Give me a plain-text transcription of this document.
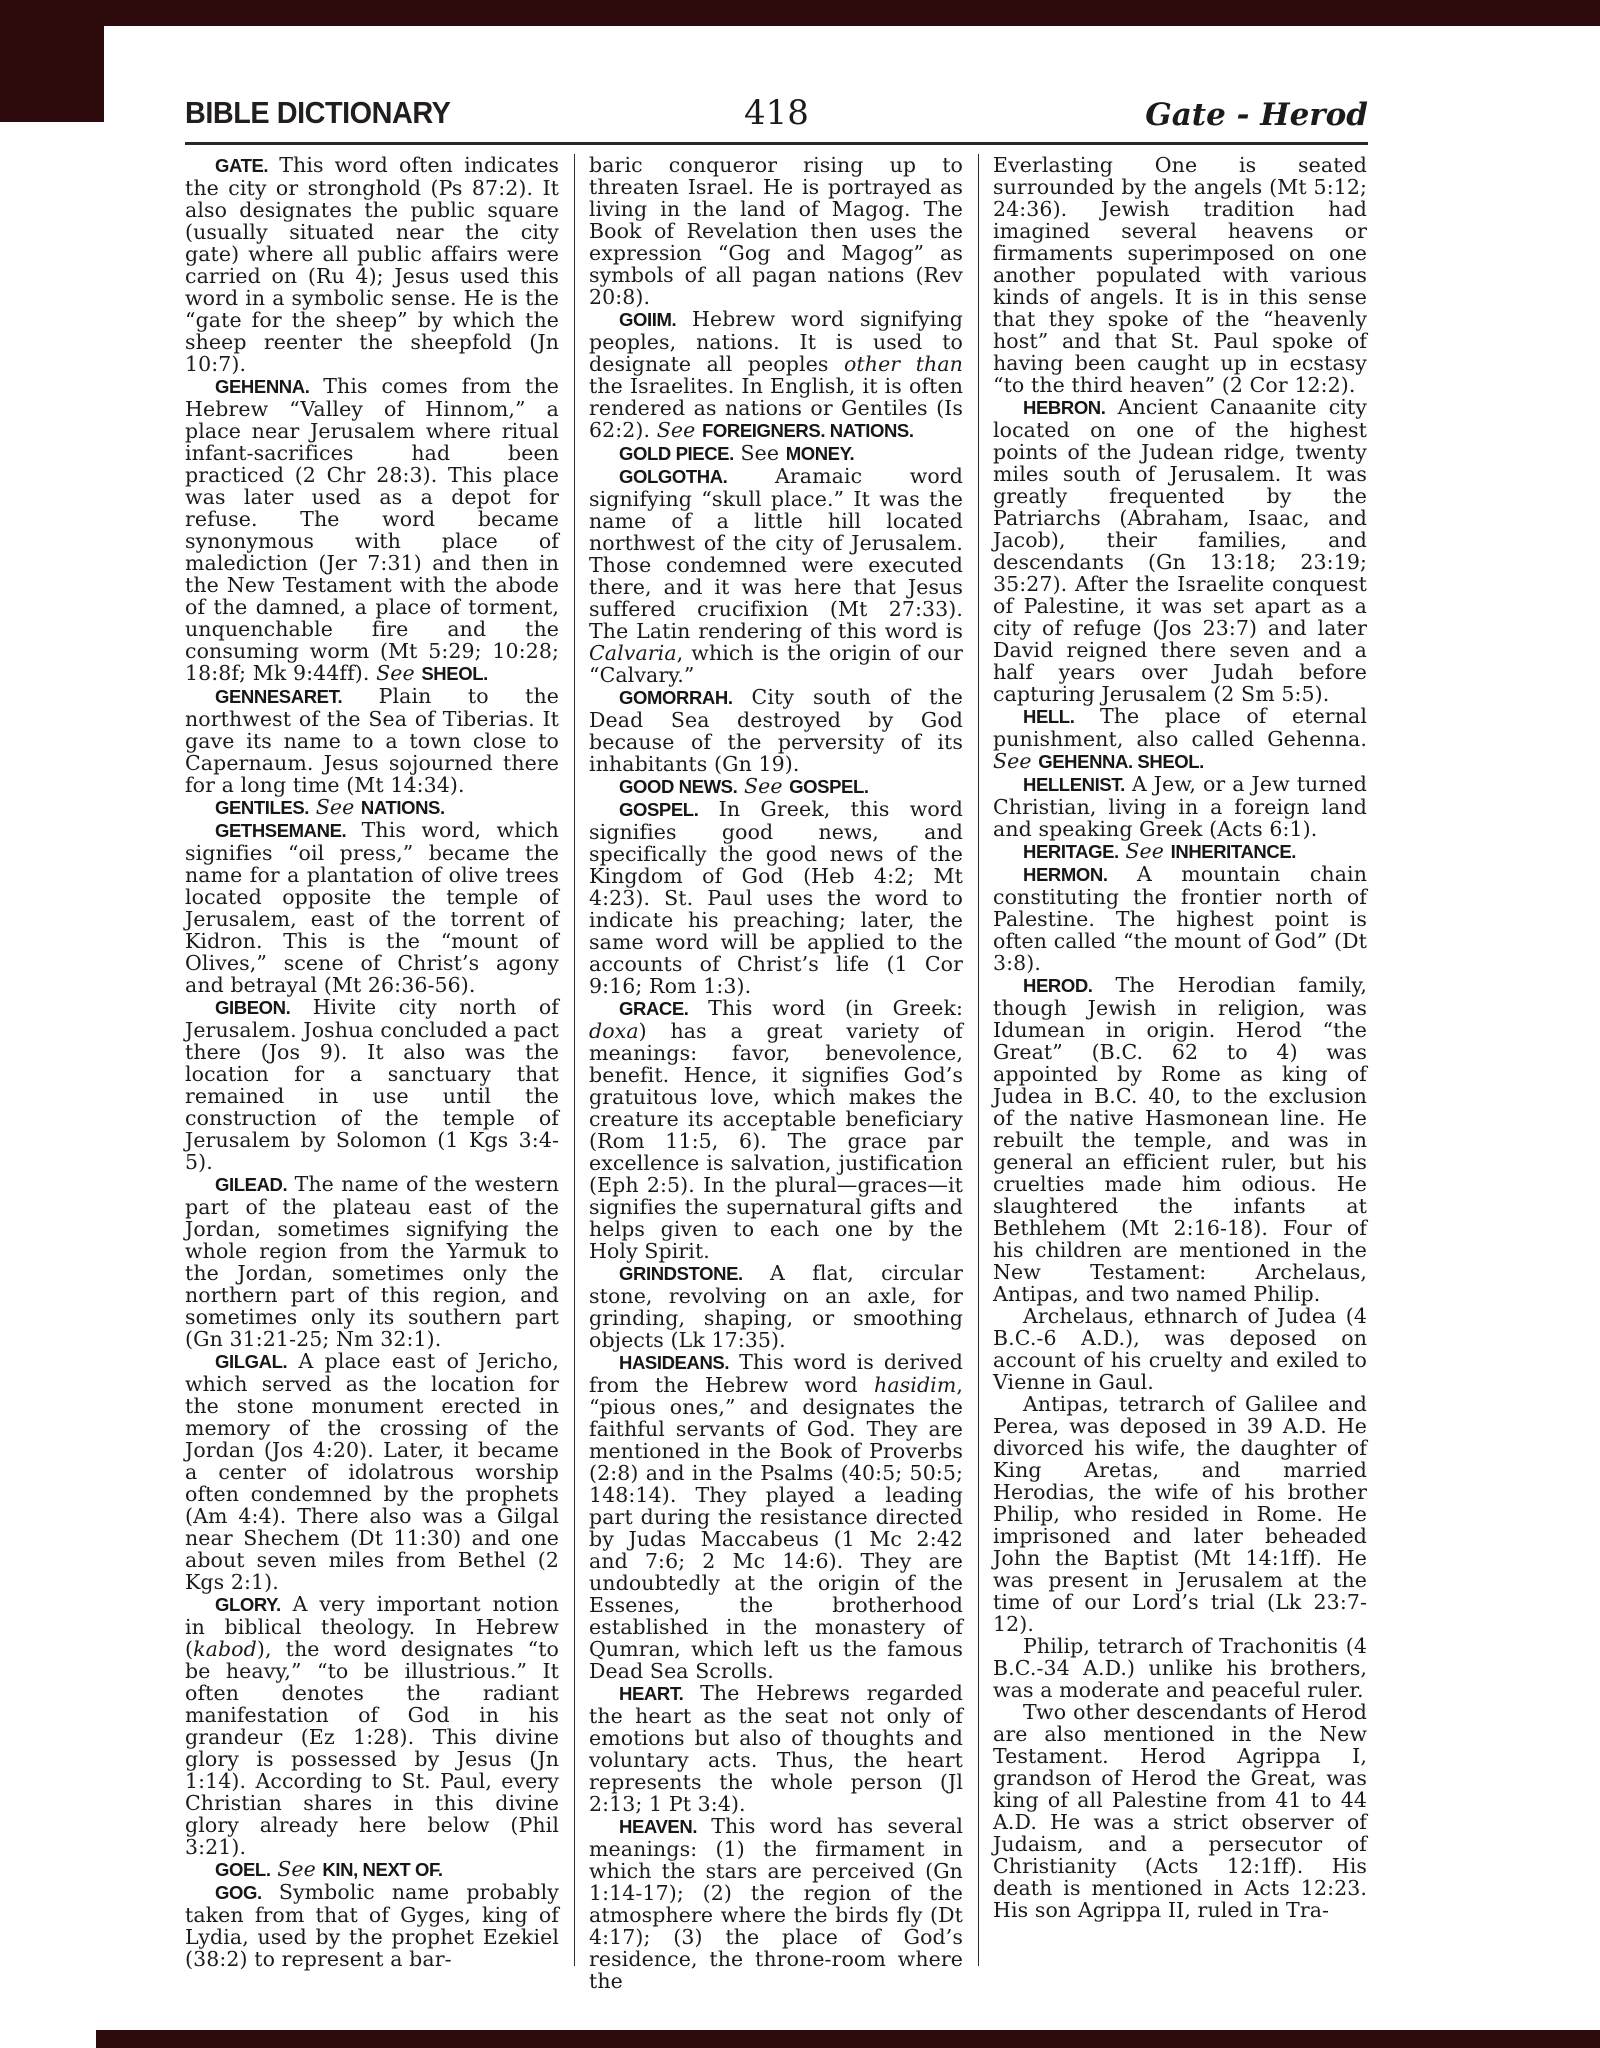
BIBLE DICTIONARY	418	Gate - Herod

GATE. This word often indicates the city or stronghold (Ps 87:2). It also designates the public square (usually situated near the city gate) where all public affairs were carried on (Ru 4); Jesus used this word in a symbolic sense. He is the “gate for the sheep” by which the sheep reenter the sheepfold (Jn 10:7).

GEHENNA. This comes from the Hebrew “Valley of Hinnom,” a place near Jerusalem where ritual infant-sacrifices had been practiced (2 Chr 28:3). This place was later used as a depot for refuse. The word became synonymous with place of malediction (Jer 7:31) and then in the New Testament with the abode of the damned, a place of torment, unquenchable fire and the consuming worm (Mt 5:29; 10:28; 18:8f; Mk 9:44ff). See SHEOL.

GENNESARET. Plain to the northwest of the Sea of Tiberias. It gave its name to a town close to Capernaum. Jesus sojourned there for a long time (Mt 14:34).

GENTILES. See NATIONS.

GETHSEMANE. This word, which signifies “oil press,” became the name for a plantation of olive trees located opposite the temple of Jerusalem, east of the torrent of Kidron. This is the “mount of Olives,” scene of Christ’s agony and betrayal (Mt 26:36-56).

GIBEON. Hivite city north of Jerusalem. Joshua concluded a pact there (Jos 9). It also was the location for a sanctuary that remained in use until the construction of the temple of Jerusalem by Solomon (1 Kgs 3:4-5).

GILEAD. The name of the western part of the plateau east of the Jordan, sometimes signifying the whole region from the Yarmuk to the Jordan, sometimes only the northern part of this region, and sometimes only its southern part (Gn 31:21-25; Nm 32:1).

GILGAL. A place east of Jericho, which served as the location for the stone monument erected in memory of the crossing of the Jordan (Jos 4:20). Later, it became a center of idolatrous worship often condemned by the prophets (Am 4:4). There also was a Gilgal near Shechem (Dt 11:30) and one about seven miles from Bethel (2 Kgs 2:1).

GLORY. A very important notion in biblical theology. In Hebrew (kabod), the word designates “to be heavy,” “to be illustrious.” It often denotes the radiant manifestation of God in his grandeur (Ez 1:28). This divine glory is possessed by Jesus (Jn 1:14). According to St. Paul, every Christian shares in this divine glory already here below (Phil 3:21).

GOEL. See KIN, NEXT OF.

GOG. Symbolic name probably taken from that of Gyges, king of Lydia, used by the prophet Ezekiel (38:2) to represent a bar-

baric conqueror rising up to threaten Israel. He is portrayed as living in the land of Magog. The Book of Revelation then uses the expression “Gog and Magog” as symbols of all pagan nations (Rev 20:8).

GOIIM. Hebrew word signifying peoples, nations. It is used to designate all peoples other than the Israelites. In English, it is often rendered as nations or Gentiles (Is 62:2). See FOREIGNERS. NATIONS.

GOLD PIECE. See MONEY.

GOLGOTHA. Aramaic word signifying “skull place.” It was the name of a little hill located northwest of the city of Jerusalem. Those condemned were executed there, and it was here that Jesus suffered crucifixion (Mt 27:33). The Latin rendering of this word is Calvaria, which is the origin of our “Calvary.”

GOMORRAH. City south of the Dead Sea destroyed by God because of the perversity of its inhabitants (Gn 19).

GOOD NEWS. See GOSPEL.

GOSPEL. In Greek, this word signifies good news, and specifically the good news of the Kingdom of God (Heb 4:2; Mt 4:23). St. Paul uses the word to indicate his preaching; later, the same word will be applied to the accounts of Christ’s life (1 Cor 9:16; Rom 1:3).

GRACE. This word (in Greek: doxa) has a great variety of meanings: favor, benevolence, benefit. Hence, it signifies God’s gratuitous love, which makes the creature its acceptable beneficiary (Rom 11:5, 6). The grace par excellence is salvation, justification (Eph 2:5). In the plural—graces—it signifies the supernatural gifts and helps given to each one by the Holy Spirit.

GRINDSTONE. A flat, circular stone, revolving on an axle, for grinding, shaping, or smoothing objects (Lk 17:35).

HASIDEANS. This word is derived from the Hebrew word hasidim, “pious ones,” and designates the faithful servants of God. They are mentioned in the Book of Proverbs (2:8) and in the Psalms (40:5; 50:5; 148:14). They played a leading part during the resistance directed by Judas Maccabeus (1 Mc 2:42 and 7:6; 2 Mc 14:6). They are undoubtedly at the origin of the Essenes, the brotherhood established in the monastery of Qumran, which left us the famous Dead Sea Scrolls.

HEART. The Hebrews regarded the heart as the seat not only of emotions but also of thoughts and voluntary acts. Thus, the heart represents the whole person (Jl 2:13; 1 Pt 3:4).

HEAVEN. This word has several meanings: (1) the firmament in which the stars are perceived (Gn 1:14-17); (2) the region of the atmosphere where the birds fly (Dt 4:17); (3) the place of God’s residence, the throne-room where the

Everlasting One is seated surrounded by the angels (Mt 5:12; 24:36). Jewish tradition had imagined several heavens or firmaments superimposed on one another populated with various kinds of angels. It is in this sense that they spoke of the “heavenly host” and that St. Paul spoke of having been caught up in ecstasy “to the third heaven” (2 Cor 12:2).

HEBRON. Ancient Canaanite city located on one of the highest points of the Judean ridge, twenty miles south of Jerusalem. It was greatly frequented by the Patriarchs (Abraham, Isaac, and Jacob), their families, and descendants (Gn 13:18; 23:19; 35:27). After the Israelite conquest of Palestine, it was set apart as a city of refuge (Jos 23:7) and later David reigned there seven and a half years over Judah before capturing Jerusalem (2 Sm 5:5).

HELL. The place of eternal punishment, also called Gehenna. See GEHENNA. SHEOL.

HELLENIST. A Jew, or a Jew turned Christian, living in a foreign land and speaking Greek (Acts 6:1).

HERITAGE. See INHERITANCE.

HERMON. A mountain chain constituting the frontier north of Palestine. The highest point is often called “the mount of God” (Dt 3:8).

HEROD. The Herodian family, though Jewish in religion, was Idumean in origin. Herod “the Great” (B.C. 62 to 4) was appointed by Rome as king of Judea in B.C. 40, to the exclusion of the native Hasmonean line. He rebuilt the temple, and was in general an efficient ruler, but his cruelties made him odious. He slaughtered the infants at Bethlehem (Mt 2:16-18). Four of his children are mentioned in the New Testament: Archelaus, Antipas, and two named Philip.

Archelaus, ethnarch of Judea (4 B.C.-6 A.D.), was deposed on account of his cruelty and exiled to Vienne in Gaul.

Antipas, tetrarch of Galilee and Perea, was deposed in 39 A.D. He divorced his wife, the daughter of King Aretas, and married Herodias, the wife of his brother Philip, who resided in Rome. He imprisoned and later beheaded John the Baptist (Mt 14:1ff). He was present in Jerusalem at the time of our Lord’s trial (Lk 23:7-12).

Philip, tetrarch of Trachonitis (4 B.C.-34 A.D.) unlike his brothers, was a moderate and peaceful ruler.

Two other descendants of Herod are also mentioned in the New Testament. Herod Agrippa I, grandson of Herod the Great, was king of all Palestine from 41 to 44 A.D. He was a strict observer of Judaism, and a persecutor of Christianity (Acts 12:1ff). His death is mentioned in Acts 12:23. His son Agrippa II, ruled in Tra-
